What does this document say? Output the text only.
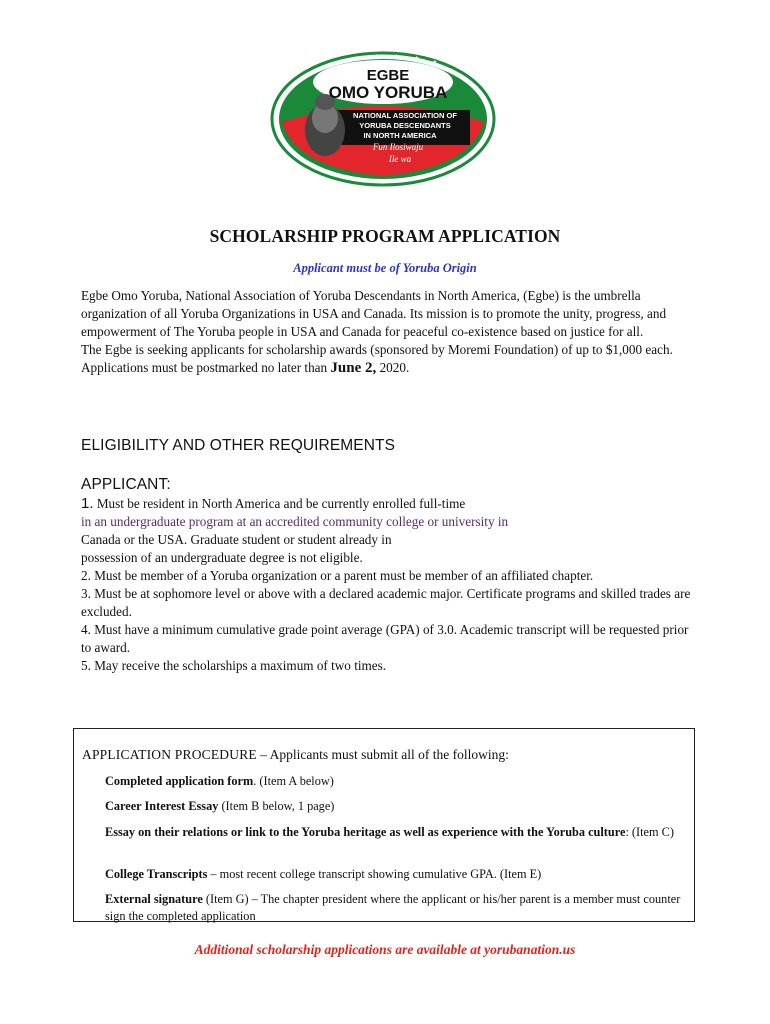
★
★ ★ ★ ★
★
EGBE
OMO YORUBA
NATIONAL ASSOCIATION OF
YORUBA DESCENDANTS
IN NORTH AMERICA
Fun Ilosiwaju
Ile wa
SCHOLARSHIP PROGRAM APPLICATION
Applicant must be of Yoruba Origin

Egbe Omo Yoruba, National Association of Yoruba Descendants in North America, (Egbe) is the umbrella organization of all Yoruba Organizations in USA and Canada. Its mission is to promote the unity, progress, and empowerment of The Yoruba people in USA and Canada for peaceful co-existence based on justice for all.

The Egbe is seeking applicants for scholarship awards (sponsored by Moremi Foundation) of up to $1,000 each.

Applications must be postmarked no later than June 2, 2020.

ELIGIBILITY AND OTHER REQUIREMENTS
APPLICANT:

1. Must be resident in North America and be currently enrolled full-time

in an undergraduate program at an accredited community college or university in

Canada or the USA. Graduate student or student already in

possession of an undergraduate degree is not eligible.

2. Must be member of a Yoruba organization or a parent must be member of an affiliated chapter.

3. Must be at sophomore level or above with a declared academic major. Certificate programs and skilled trades are excluded.

4. Must have a minimum cumulative grade point average (GPA) of 3.0. Academic transcript will be requested prior to award.

5. May receive the scholarships a maximum of two times.

APPLICATION PROCEDURE – Applicants must submit all of the following:
Completed application form. (Item A below)
Career Interest Essay (Item B below, 1 page)
Essay on their relations or link to the Yoruba heritage as well as experience with the Yoruba culture: (Item C)
College Transcripts – most recent college transcript showing cumulative GPA. (Item E)
External signature (Item G) – The chapter president where the applicant or his/her parent is a member must counter sign the completed application
Additional scholarship applications are available at yorubanation.us
